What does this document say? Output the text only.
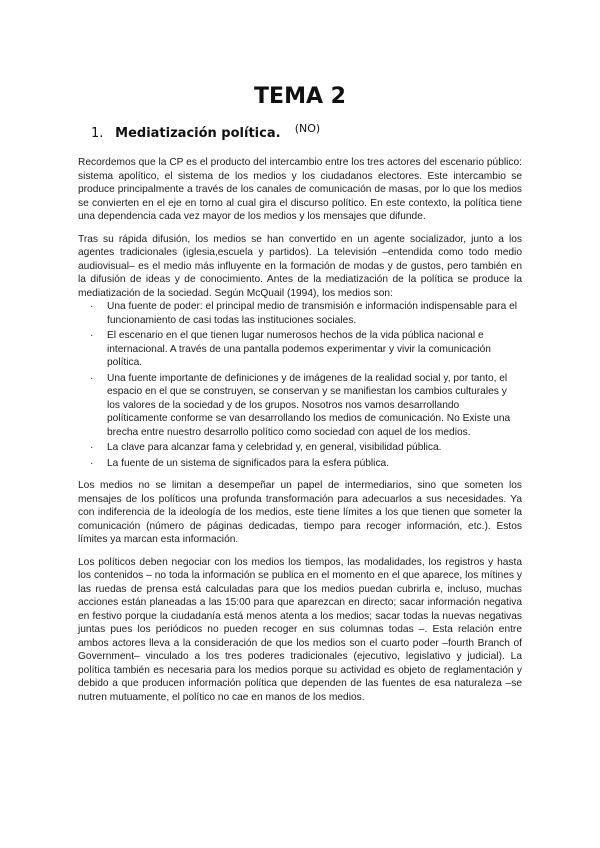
TEMA 2
1. Mediatización política. $^{(NO)}$

Recordemos que la CP es el producto del intercambio entre los tres actores del escenario público: sistema apolítico, el sistema de los medios y los ciudadanos electores. Este intercambio se produce principalmente a través de los canales de comunicación de masas, por lo que los medios se convierten en el eje en torno al cual gira el discurso político. En este contexto, la política tiene una dependencia cada vez mayor de los medios y los mensajes que difunde.

Tras su rápida difusión, los medios se han convertido en un agente socializador, junto a los agentes tradicionales (iglesia,escuela y partidos). La televisión –entendida como todo medio audiovisual– es el medio más influyente en la formación de modas y de gustos, pero también en la difusión de ideas y de conocimiento. Antes de la mediatización de la política se produce la mediatización de la sociedad. Según McQuail (1994), los medios son:

· Una fuente de poder: el principal medio de transmisión e información indispensable para el funcionamiento de casi todas las instituciones sociales.
· El escenario en el que tienen lugar numerosos hechos de la vida pública nacional e internacional. A través de una pantalla podemos experimentar y vivir la comunicación política.
· Una fuente importante de definiciones y de imágenes de la realidad social y, por tanto, el espacio en el que se construyen, se conservan y se manifiestan los cambios culturales y los valores de la sociedad y de los grupos. Nosotros nos vamos desarrollando políticamente conforme se van desarrollando los medios de comunicación. No Existe una brecha entre nuestro desarrollo político como sociedad con aquel de los medios.
· La clave para alcanzar fama y celebridad y, en general, visibilidad pública.
· La fuente de un sistema de significados para la esfera pública.

Los medios no se limitan a desempeñar un papel de intermediarios, sino que someten los mensajes de los políticos una profunda transformación para adecuarlos a sus necesidades. Ya con indiferencia de la ideología de los medios, este tiene límites a los que tienen que someter la comunicación (número de páginas dedicadas, tiempo para recoger información, etc.). Estos límites ya marcan esta información.

Los políticos deben negociar con los medios los tiempos, las modalidades, los registros y hasta los contenidos – no toda la información se publica en el momento en el que aparece, los mítines y las ruedas de prensa está calculadas para que los medios puedan cubrirla e, incluso, muchas acciones están planeadas a las 15:00 para que aparezcan en directo; sacar información negativa en festivo porque la ciudadanía está menos atenta a los medios; sacar todas la nuevas negativas juntas pues los periódicos no pueden recoger en sus columnas todas –. Esta relación entre ambos actores lleva a la consideración de que los medios son el cuarto poder –fourth Branch of Government– vinculado a los tres poderes tradicionales (ejecutivo, legislativo y judicial). La política también es necesaria para los medios porque su actividad es objeto de reglamentación y debido a que producen información política que dependen de las fuentes de esa naturaleza –se nutren mutuamente, el político no cae en manos de los medios.
